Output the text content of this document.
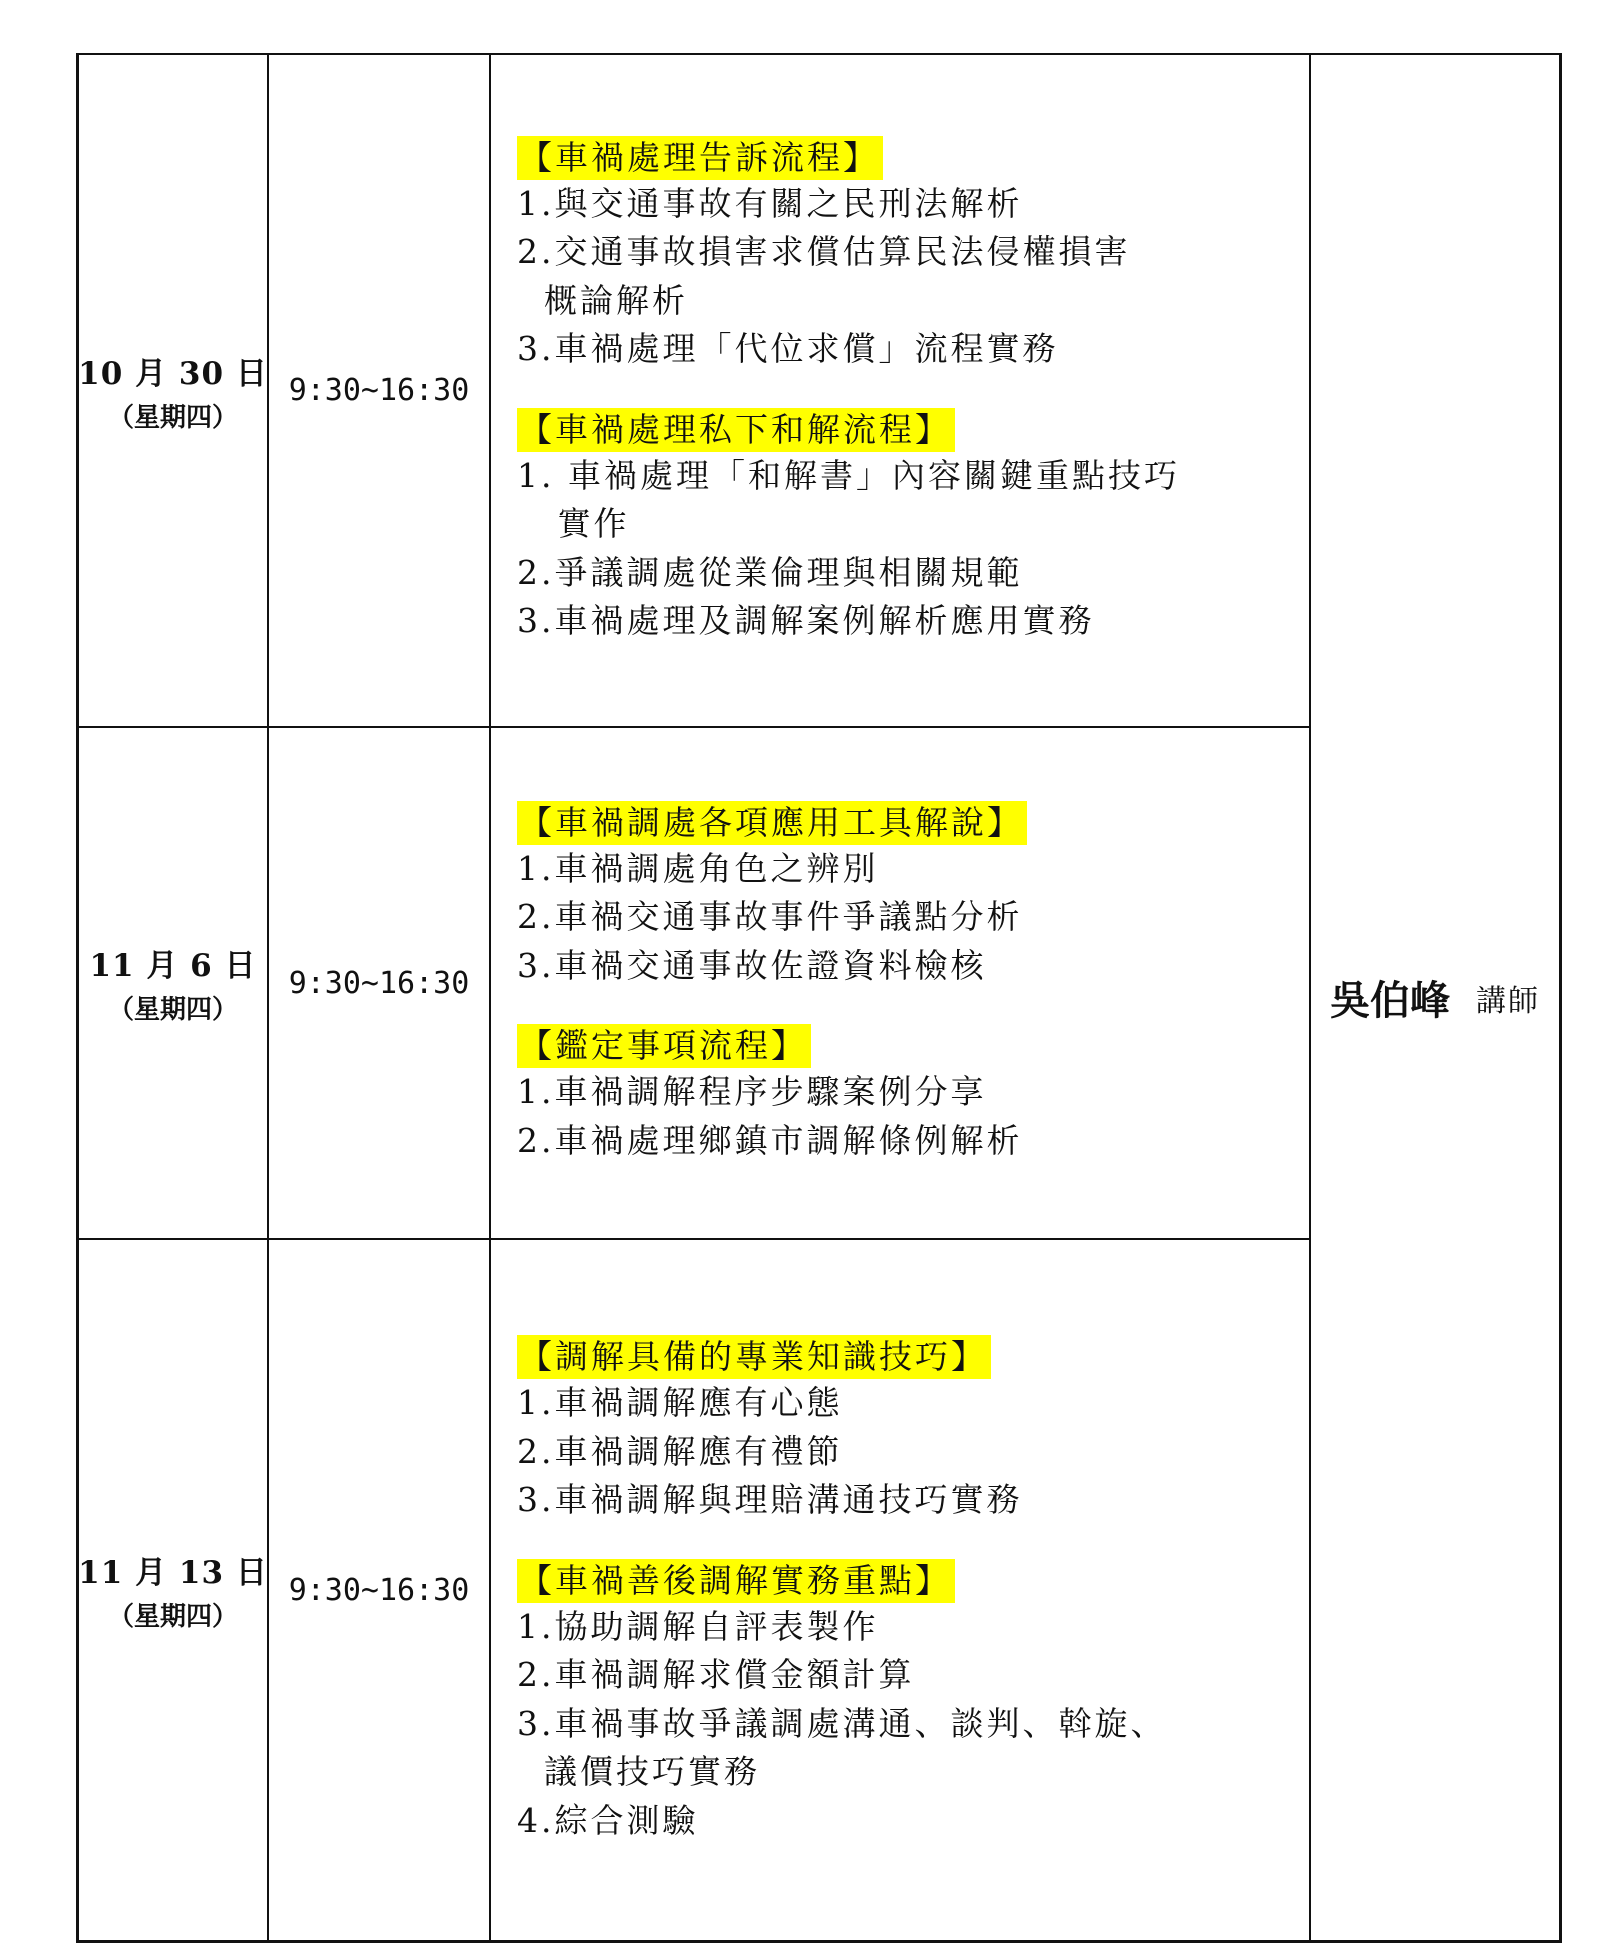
10 月 30 日
（星期四）
9:30~16:30
【車禍處理告訴流程】
1.與交通事故有關之民刑法解析
2.交通事故損害求償估算民法侵權損害
概論解析
3.車禍處理「代位求償」流程實務
【車禍處理私下和解流程】
1. 車禍處理「和解書」內容關鍵重點技巧
實作
2.爭議調處從業倫理與相關規範
3.車禍處理及調解案例解析應用實務
11 月 6 日
（星期四）
9:30~16:30
【車禍調處各項應用工具解說】
1.車禍調處角色之辨別
2.車禍交通事故事件爭議點分析
3.車禍交通事故佐證資料檢核
【鑑定事項流程】
1.車禍調解程序步驟案例分享
2.車禍處理鄉鎮市調解條例解析
11 月 13 日
（星期四）
9:30~16:30
【調解具備的專業知識技巧】
1.車禍調解應有心態
2.車禍調解應有禮節
3.車禍調解與理賠溝通技巧實務
【車禍善後調解實務重點】
1.協助調解自評表製作
2.車禍調解求償金額計算
3.車禍事故爭議調處溝通、談判、斡旋、
議價技巧實務
4.綜合測驗
吳伯峰 講師
